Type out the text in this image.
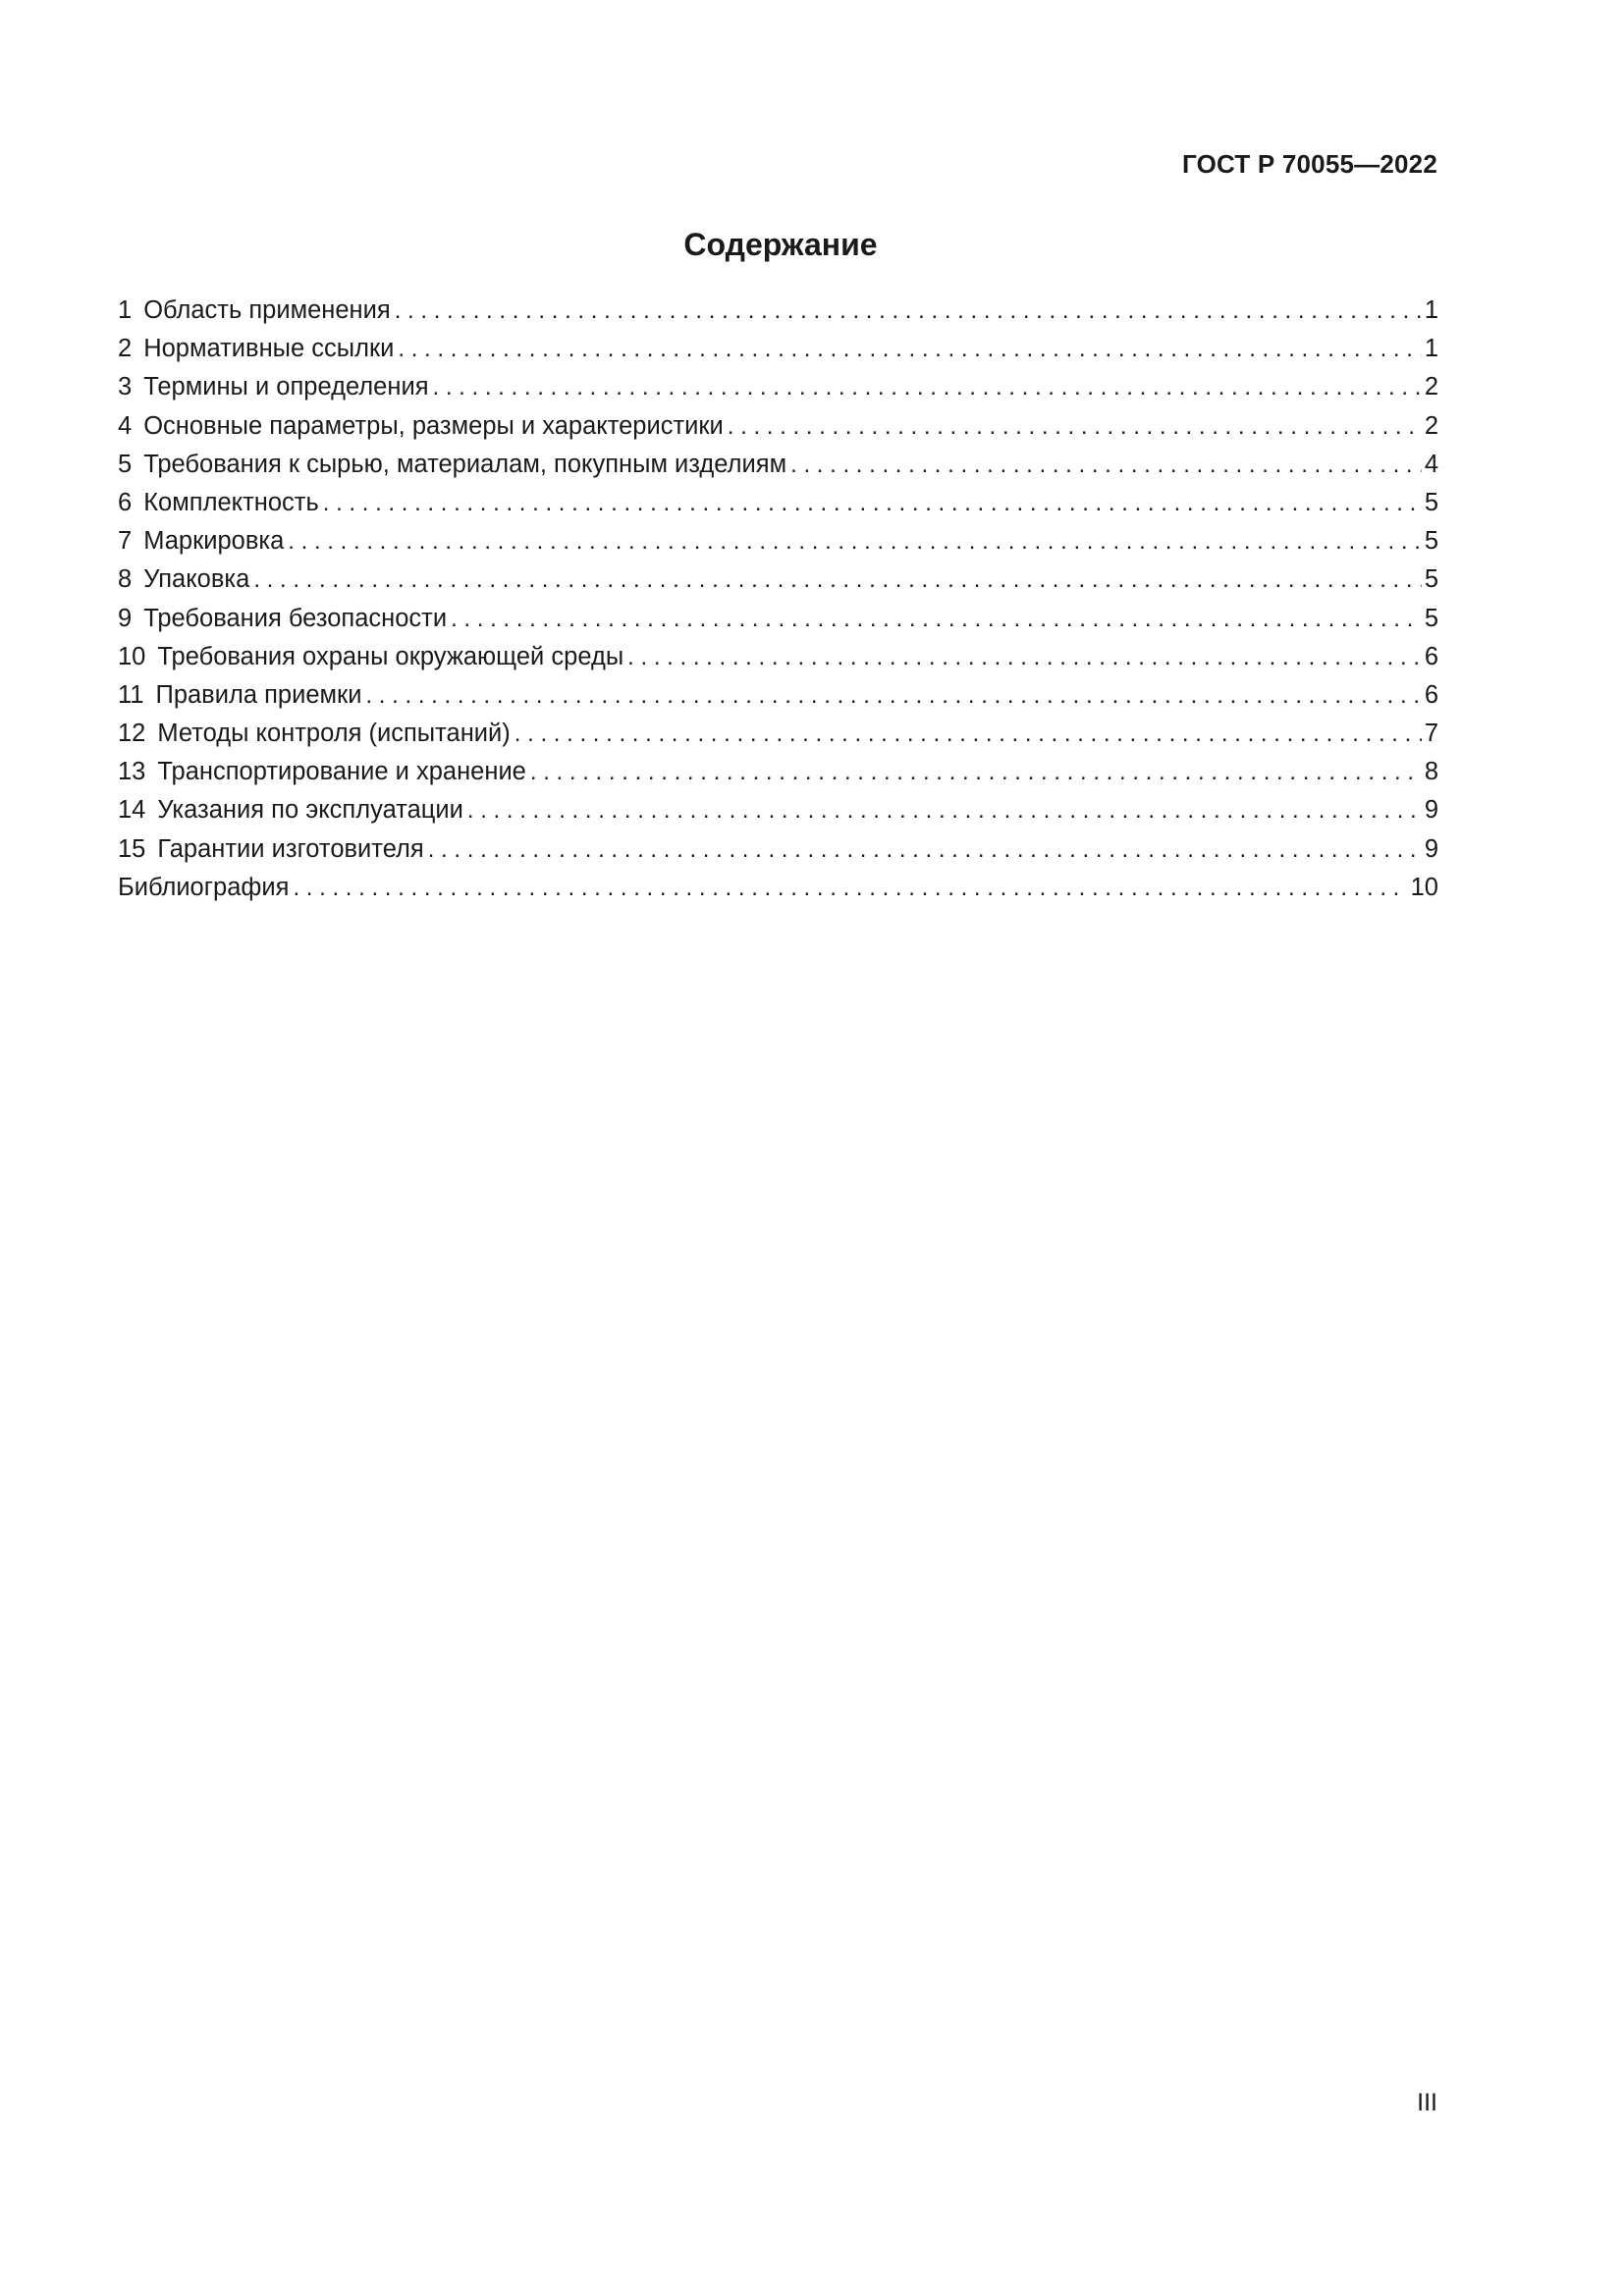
ГОСТ Р 70055—2022
Содержание
1 Область применения . . .	1
2 Нормативные ссылки . . .	1
3 Термины и определения . . .	2
4 Основные параметры, размеры и характеристики . . .	2
5 Требования к сырью, материалам, покупным изделиям . . .	4
6 Комплектность . . .	5
7 Маркировка . . .	5
8 Упаковка . . .	5
9 Требования безопасности . . .	5
10 Требования охраны окружающей среды . . .	6
11 Правила приемки . . .	6
12 Методы контроля (испытаний) . . .	7
13 Транспортирование и хранение . . .	8
14 Указания по эксплуатации . . .	9
15 Гарантии изготовителя . . .	9
Библиография . . .	10
III
